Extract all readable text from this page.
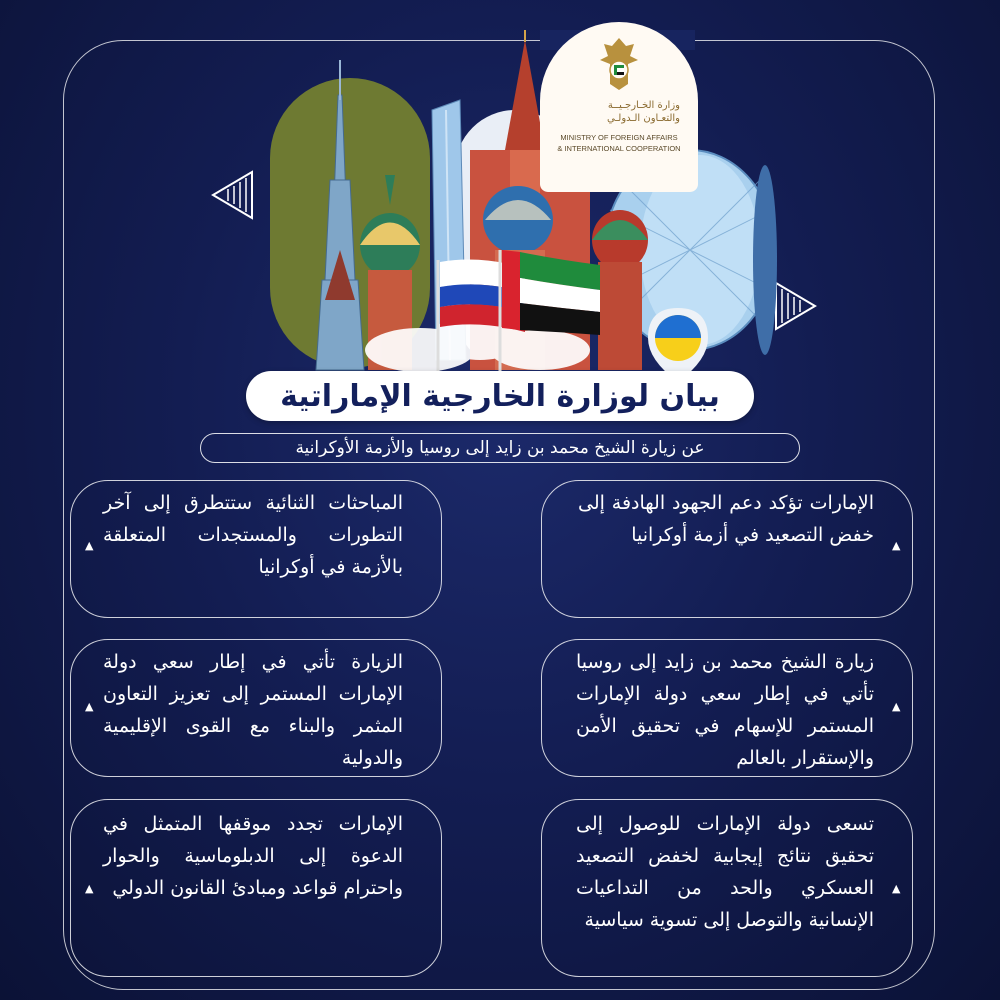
وزارة الخـارجـيــة
والتعـاون الـدولـي
MINISTRY OF FOREIGN AFFAIRS
& INTERNATIONAL COOPERATION
بيان لوزارة الخارجية الإماراتية
عن زيارة الشيخ محمد بن زايد إلى روسيا والأزمة الأوكرانية
الإمارات تؤكد دعم الجهود الهادفة إلى خفض التصعيد في أزمة أوكرانيا ▲
زيارة الشيخ محمد بن زايد إلى روسيا تأتي في إطار سعي دولة الإمارات المستمر للإسهام في تحقيق الأمن والإستقرار بالعالم
▲
تسعى دولة الإمارات للوصول إلى تحقيق نتائج إيجابية لخفض التصعيد العسكري والحد من التداعيات الإنسانية والتوصل إلى تسوية سياسية
▲
المباحثات الثنائية ستتطرق إلى آخر التطورات والمستجدات المتعلقة بالأزمة في أوكرانيا
▲
الزيارة تأتي في إطار سعي دولة الإمارات المستمر إلى تعزيز التعاون المثمر والبناء مع القوى الإقليمية والدولية
▲
الإمارات تجدد موقفها المتمثل في الدعوة إلى الدبلوماسية والحوار واحترام قواعد ومبادئ القانون الدولي
▲
